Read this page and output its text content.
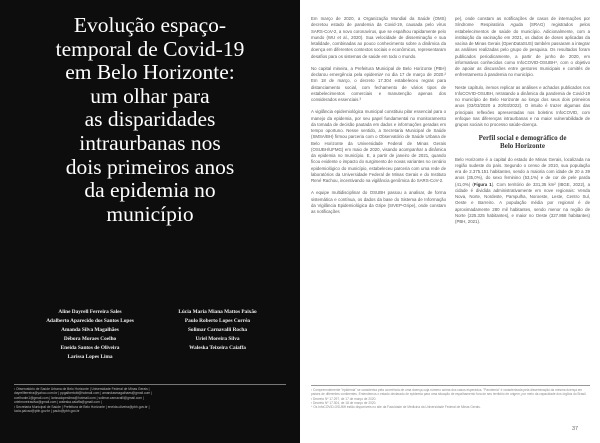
Evolução espaço-
temporal de Covid-19
em Belo Horizonte:
um olhar para
as disparidades
intraurbanas nos
dois primeiros anos
da epidemia no
município
Aline Dayrell Ferreira Sales
Adalberto Aparecido dos Santos Lopes
Amanda Silva Magalhães
Débora Moraes Coelho
Eneida Santos de Oliveira
Larissa Lopes Lima
Lúcia Maria Miana Mattos Paixão
Paulo Roberto Lopes Corrêa
Solimar Carnavalli Rocha
Uriel Moreira Silva
Waleska Teixeira Caiaffa
¹ Observatório de Saúde Urbana de Belo Horizonte | Universidade Federal de Minas Gerais |
dayrellferreira@yahoo.com.br | ppgalbertobl@hotmail.com | amandasmagalhaes@gmail.com |
coelhodm1@gmail.com | larissalopeslima@hotmail.com | solimar.carnavalli@gmail.com |
urielmoreirasilva@gmail.com | waleska.caiaffa@gmail.com |
² Secretaria Municipal de Saúde | Prefeitura de Belo Horizonte | eneida.oliveira@pbh.gov.br |
lucia.paixao@pbh.gov.br | paulo@pbh.gov.br

Em março de 2020, a Organização Mundial da Saúde (OMS) decretou estado de pandemia da Covid-19, causada pelo vírus SARS-CoV-2, a novo coronavírus, que se espalhou rapidamente pelo mundo (WU et al., 2020). Sua velocidade de disseminação e sua letalidade, combinadas ao pouco conhecimento sobre a dinâmica da doença em diferentes contextos sociais e econômicos, representaram desafios para os sistemas de saúde em todo o mundo.

No capital mineira, a Prefeitura Municipal de Belo Horizonte (PBH) declarou emergência pela epidemia¹ no dia 17 de março de 2020.² Em 18 de março, o decreto 17.304 estabeleceu regras para distanciamento social, com fechamento de vários tipos de estabelecimentos comerciais e manutenção apenas dos considerados essenciais.³

A vigilância epidemiológica municipal constituiu pilar essencial para o manejo da epidemia, por seu papel fundamental no monitoramento da tomada de decisão pautada em dados e informações geradas em tempo oportuno. Nesse sentido, a Secretaria Municipal de Saúde (SMSA/BH) firmou parceria com o Observatório de Saúde Urbana de Belo Horizonte da Universidade Federal de Minas Gerais (OSUBH/UFMG) em maio de 2020, visando acompanhar a dinâmica da epidemia no município. E, a partir de janeiro de 2021, quando ficou evidente o impacto do surgimento de novas variantes no cenário epidemiológico do município, estabeleceu parceria com uma rede de laboratórios da Universidade Federal de Minas Gerais e do Instituto René Rachou, incentivando na vigilância genômica do SARS-CoV-2.

A equipe multidisciplinar do OSUBH passou a analisar, de forma sistemática e contínua, os dados da base do Sistema de Informação da Vigilância Epidemiológica da Gripe (SIVEP-Gripe), onde constam as notificações

pe), onde constam as notificações de casos de internações por Síndrome Respiratória Aguda (SRAG) registrados pelos estabelecimentos de saúde do município. Adicionalmente, com a instituição da vacinação em 2021, os dados de doses aplicadas da vacina de Minas Gerais (OpenDataSUS) também passaram a integrar as análises realizadas pelo grupo de pesquisa. Os resultados foram publicados periodicamente, a partir de junho de 2020, em informativos conhecidos como InfoCOVID-OSUBH⁴, com o objetivo de apoiar as discussões entre gestores municipais e comitês de enfrentamento à pandemia no município.

Neste capítulo, iremos replicar as análises e achados publicados nos InfoCOVID-OSUBH, retratando a dinâmica da pandemia de Covid-19 no município de Belo Horizonte ao longo dos seus dois primeiros anos (03/03/2020 a 20/03/2022). O intuito é trazer algumas das principais reflexões apresentadas nos boletins InfoCOVID, com enfoque nas diferenças intraurbanas e na maior vulnerabilidade de grupos sociais no processo saúde-doença.

Perfil social e demográfico de
Belo Horizonte

Belo Horizonte é a capital do estado de Minas Gerais, localizada na região sudeste do país. Segundo o censo de 2010, sua população era de 2.375.151 habitantes, sendo a maioria com idade de 20 a 39 anos (35,0%), do sexo feminino (53,1%) e de cor de pele parda (41,0%) (Figura 1). Com território de 331,35 km² (IBGE, 2022), a cidade é dividida administrativamente em nove regionais: Venda Nova, Norte, Nordeste, Pampulha, Noroeste, Leste, Centro Sul, Oeste e Barreiro. A população média por regional é de aproximadamente 280 mil habitantes, sendo menor na região de Norte (225.325 habitantes), e maior no Oeste (327.868 habitantes) (PBH, 2021).

¹ Compreendemente "epidemia" se caracteriza pela ocorrência de uma doença cuja número acima dos casos esperados. "Pandemia" é caracterizada pela disseminação da mesma doença em países de diferentes continentes. Entendemos o estado declarado de epidemia para uma situação de espalhamento fora de seu território de origem, por meio da capacidade dos órgãos do Brasil.
² Decreto Nº 17.297, de 17 de março de 2020.
³ Decreto Nº 17.304, de 18 de março de 2020.
⁴ Os InfoCOVID-OSUBH estão disponíveis no site da Faculdade de Medicina da Universidade Federal de Minas Gerais.
37
